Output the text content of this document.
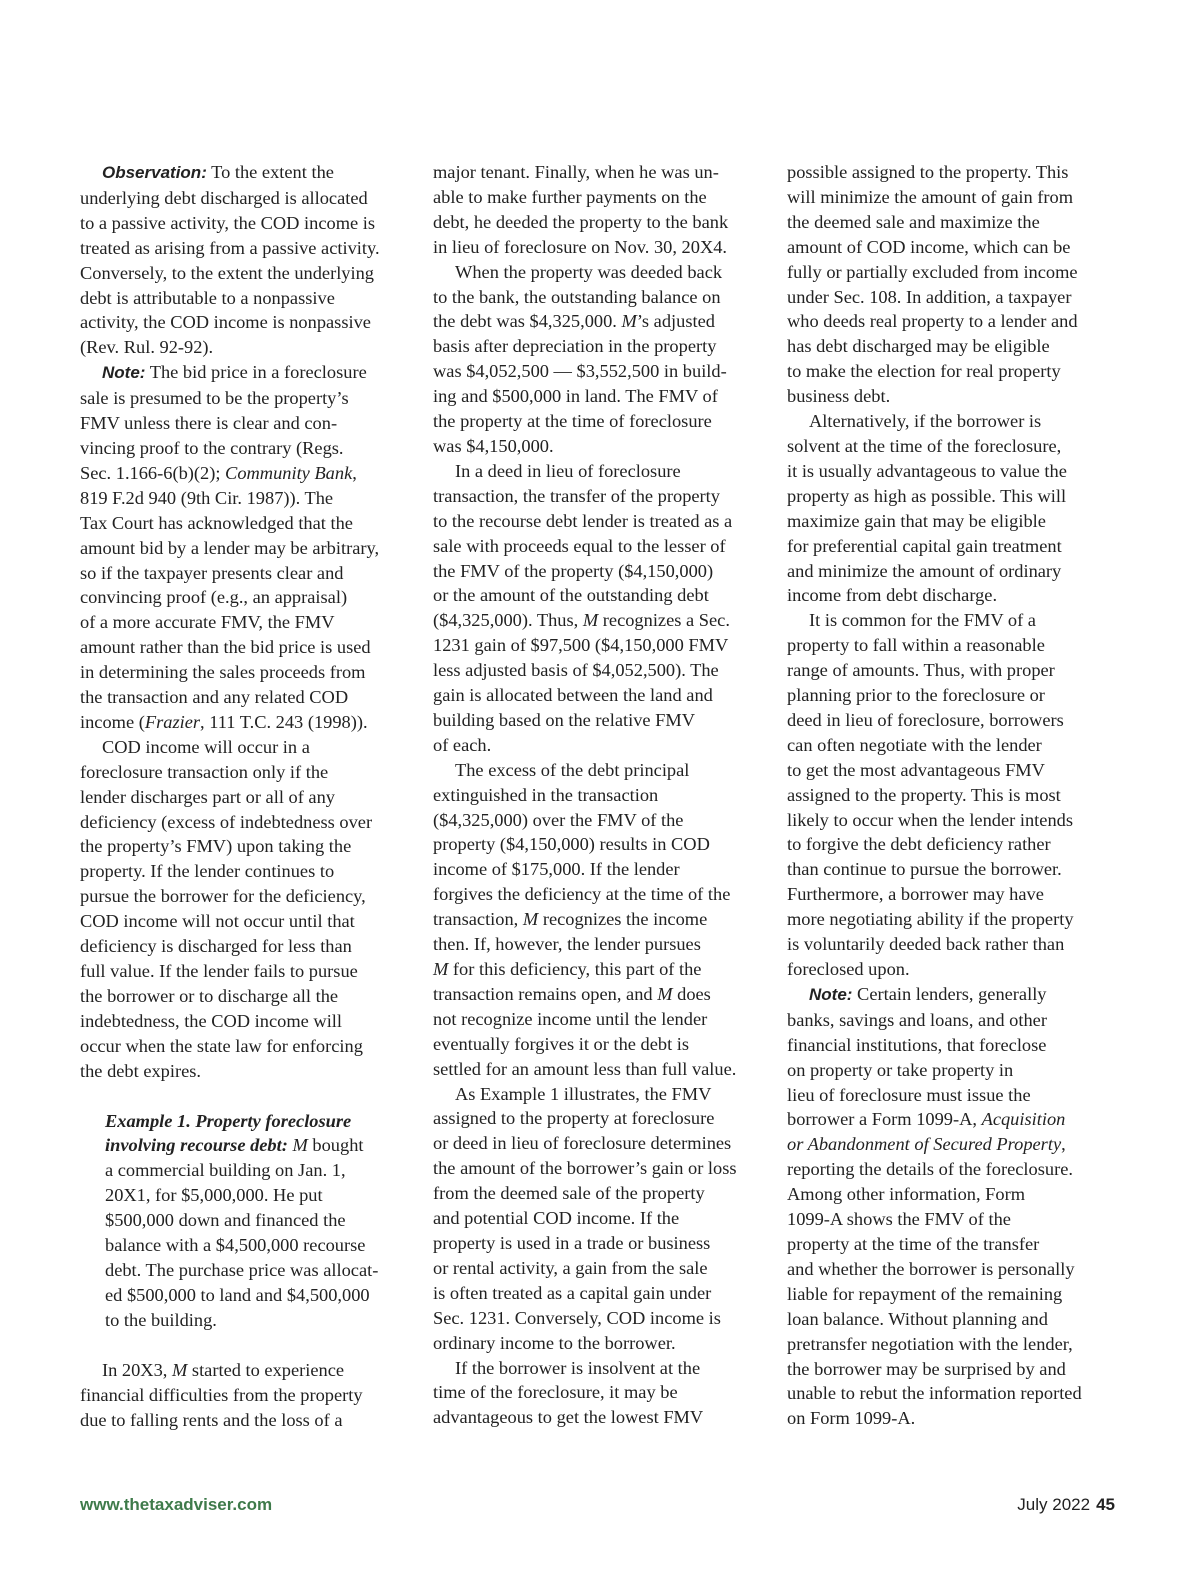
Observation: To the extent the
underlying debt discharged is allocated
to a passive activity, the COD income is
treated as arising from a passive activity.
Conversely, to the extent the underlying
debt is attributable to a nonpassive
activity, the COD income is nonpassive
(Rev. Rul. 92-92).
Note: The bid price in a foreclosure
sale is presumed to be the property’s
FMV unless there is clear and con-
vincing proof to the contrary (Regs.
Sec. 1.166-6(b)(2); Community Bank,
819 F.2d 940 (9th Cir. 1987)). The
Tax Court has acknowledged that the
amount bid by a lender may be arbitrary,
so if the taxpayer presents clear and
convincing proof (e.g., an appraisal)
of a more accurate FMV, the FMV
amount rather than the bid price is used
in determining the sales proceeds from
the transaction and any related COD
income (Frazier, 111 T.C. 243 (1998)).
COD income will occur in a
foreclosure transaction only if the
lender discharges part or all of any
deficiency (excess of indebtedness over
the property’s FMV) upon taking the
property. If the lender continues to
pursue the borrower for the deficiency,
COD income will not occur until that
deficiency is discharged for less than
full value. If the lender fails to pursue
the borrower or to discharge all the
indebtedness, the COD income will
occur when the state law for enforcing
the debt expires.
Example 1. Property foreclosure
involving recourse debt: M bought
a commercial building on Jan. 1,
20X1, for $5,000,000. He put
$500,000 down and financed the
balance with a $4,500,000 recourse
debt. The purchase price was allocat-
ed $500,000 to land and $4,500,000
to the building.
In 20X3, M started to experience
financial difficulties from the property
due to falling rents and the loss of a
major tenant. Finally, when he was un-
able to make further payments on the
debt, he deeded the property to the bank
in lieu of foreclosure on Nov. 30, 20X4.
When the property was deeded back
to the bank, the outstanding balance on
the debt was $4,325,000. M’s adjusted
basis after depreciation in the property
was $4,052,500 — $3,552,500 in build-
ing and $500,000 in land. The FMV of
the property at the time of foreclosure
was $4,150,000.
In a deed in lieu of foreclosure
transaction, the transfer of the property
to the recourse debt lender is treated as a
sale with proceeds equal to the lesser of
the FMV of the property ($4,150,000)
or the amount of the outstanding debt
($4,325,000). Thus, M recognizes a Sec.
1231 gain of $97,500 ($4,150,000 FMV
less adjusted basis of $4,052,500). The
gain is allocated between the land and
building based on the relative FMV
of each.
The excess of the debt principal
extinguished in the transaction
($4,325,000) over the FMV of the
property ($4,150,000) results in COD
income of $175,000. If the lender
forgives the deficiency at the time of the
transaction, M recognizes the income
then. If, however, the lender pursues
M for this deficiency, this part of the
transaction remains open, and M does
not recognize income until the lender
eventually forgives it or the debt is
settled for an amount less than full value.
As Example 1 illustrates, the FMV
assigned to the property at foreclosure
or deed in lieu of foreclosure determines
the amount of the borrower’s gain or loss
from the deemed sale of the property
and potential COD income. If the
property is used in a trade or business
or rental activity, a gain from the sale
is often treated as a capital gain under
Sec. 1231. Conversely, COD income is
ordinary income to the borrower.
If the borrower is insolvent at the
time of the foreclosure, it may be
advantageous to get the lowest FMV
possible assigned to the property. This
will minimize the amount of gain from
the deemed sale and maximize the
amount of COD income, which can be
fully or partially excluded from income
under Sec. 108. In addition, a taxpayer
who deeds real property to a lender and
has debt discharged may be eligible
to make the election for real property
business debt.
Alternatively, if the borrower is
solvent at the time of the foreclosure,
it is usually advantageous to value the
property as high as possible. This will
maximize gain that may be eligible
for preferential capital gain treatment
and minimize the amount of ordinary
income from debt discharge.
It is common for the FMV of a
property to fall within a reasonable
range of amounts. Thus, with proper
planning prior to the foreclosure or
deed in lieu of foreclosure, borrowers
can often negotiate with the lender
to get the most advantageous FMV
assigned to the property. This is most
likely to occur when the lender intends
to forgive the debt deficiency rather
than continue to pursue the borrower.
Furthermore, a borrower may have
more negotiating ability if the property
is voluntarily deeded back rather than
foreclosed upon.
Note: Certain lenders, generally
banks, savings and loans, and other
financial institutions, that foreclose
on property or take property in
lieu of foreclosure must issue the
borrower a Form 1099-A, Acquisition
or Abandonment of Secured Property,
reporting the details of the foreclosure.
Among other information, Form
1099-A shows the FMV of the
property at the time of the transfer
and whether the borrower is personally
liable for repayment of the remaining
loan balance. Without planning and
pretransfer negotiation with the lender,
the borrower may be surprised by and
unable to rebut the information reported
on Form 1099-A.
www.thetaxadviser.com	July 2022 45
